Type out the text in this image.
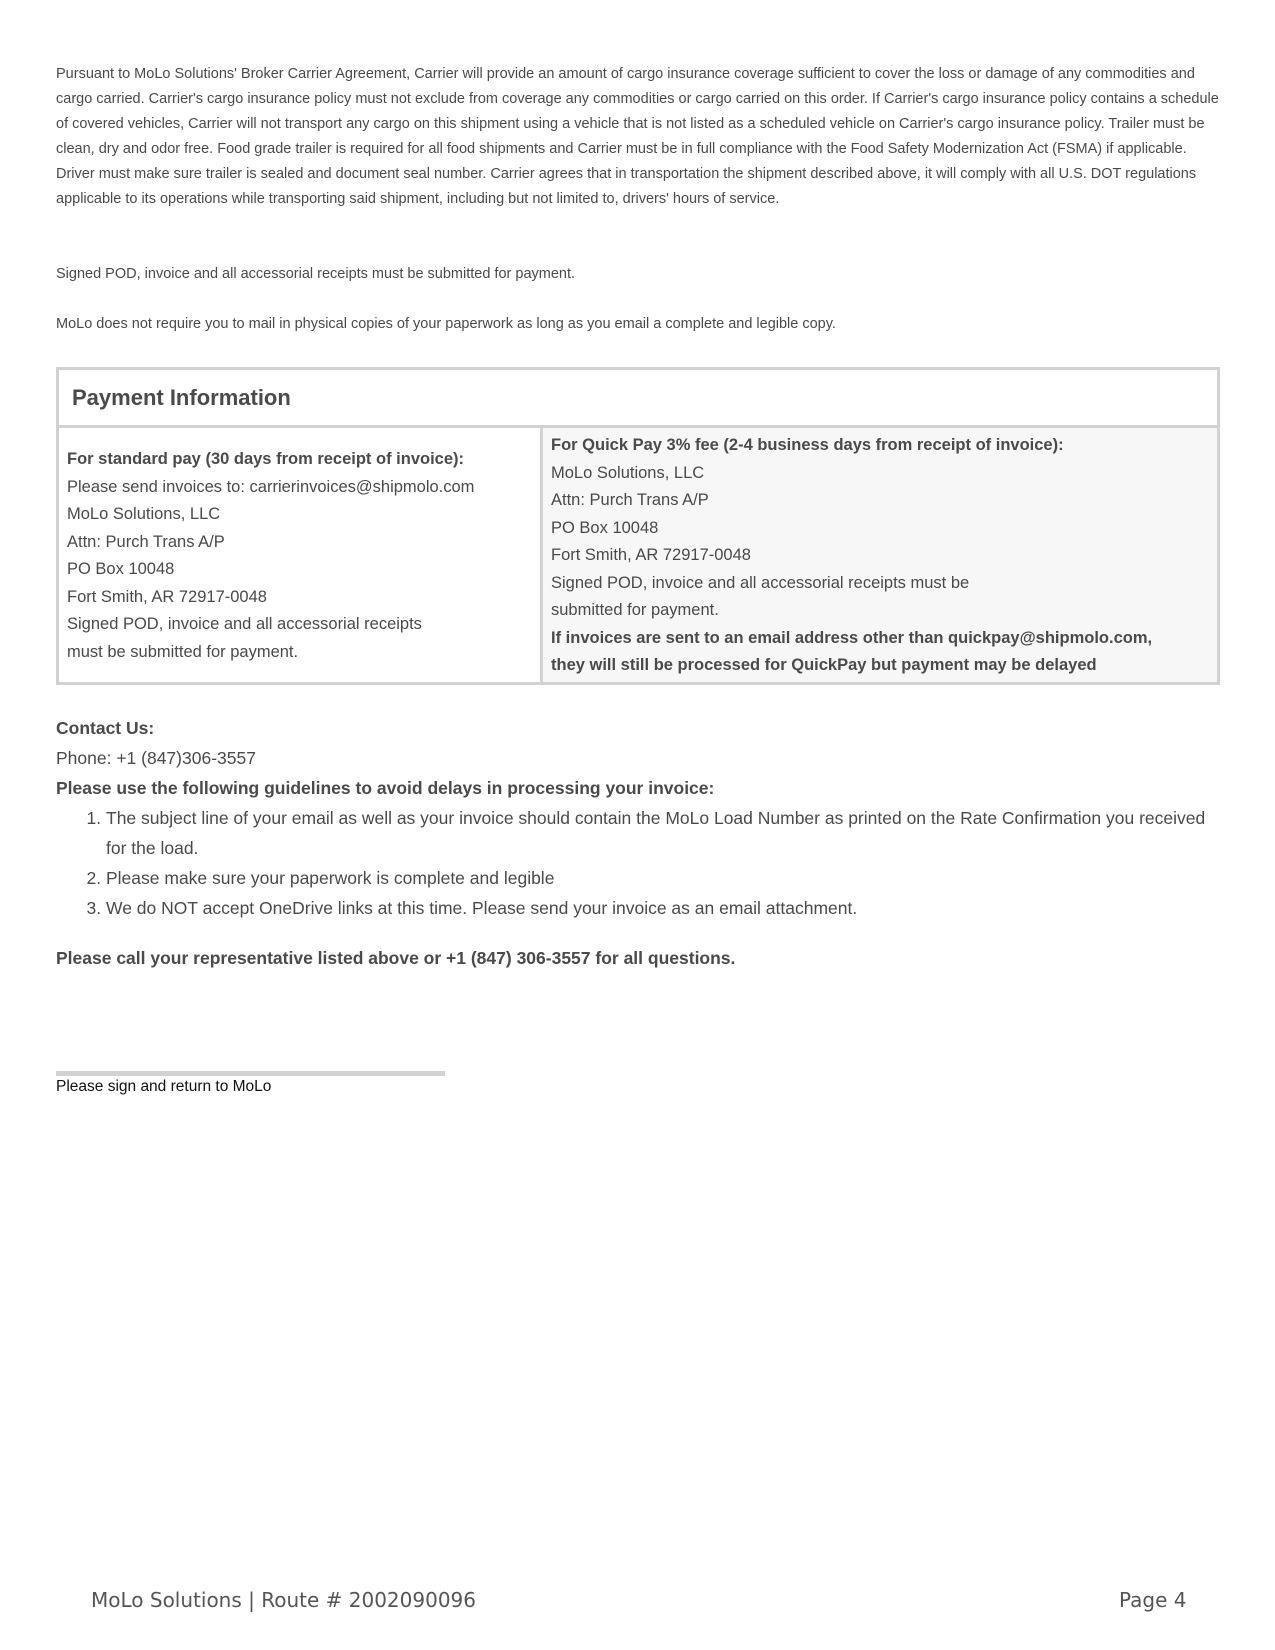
Pursuant to MoLo Solutions' Broker Carrier Agreement, Carrier will provide an amount of cargo insurance coverage sufficient to cover the loss or damage of any commodities and cargo carried. Carrier's cargo insurance policy must not exclude from coverage any commodities or cargo carried on this order. If Carrier's cargo insurance policy contains a schedule of covered vehicles, Carrier will not transport any cargo on this shipment using a vehicle that is not listed as a scheduled vehicle on Carrier's cargo insurance policy. Trailer must be clean, dry and odor free. Food grade trailer is required for all food shipments and Carrier must be in full compliance with the Food Safety Modernization Act (FSMA) if applicable. Driver must make sure trailer is sealed and document seal number. Carrier agrees that in transportation the shipment described above, it will comply with all U.S. DOT regulations applicable to its operations while transporting said shipment, including but not limited to, drivers' hours of service.

Signed POD, invoice and all accessorial receipts must be submitted for payment.

MoLo does not require you to mail in physical copies of your paperwork as long as you email a complete and legible copy.

Payment Information
For standard pay (30 days from receipt of invoice):
Please send invoices to: carrierinvoices@shipmolo.com
MoLo Solutions, LLC
Attn: Purch Trans A/P
PO Box 10048
Fort Smith, AR 72917-0048
Signed POD, invoice and all accessorial receipts
must be submitted for payment.
For Quick Pay 3% fee (2-4 business days from receipt of invoice):
MoLo Solutions, LLC
Attn: Purch Trans A/P
PO Box 10048
Fort Smith, AR 72917-0048
Signed POD, invoice and all accessorial receipts must be
submitted for payment.
If invoices are sent to an email address other than quickpay@shipmolo.com,
they will still be processed for QuickPay but payment may be delayed
Contact Us:
Phone: +1 (847)306-3557
Please use the following guidelines to avoid delays in processing your invoice:
1. The subject line of your email as well as your invoice should contain the MoLo Load Number as printed on the Rate Confirmation you received for the load.
2. Please make sure your paperwork is complete and legible
3. We do NOT accept OneDrive links at this time. Please send your invoice as an email attachment.
Please call your representative listed above or +1 (847) 306-3557 for all questions.
Please sign and return to MoLo
MoLo Solutions | Route # 2002090096	Page 4
